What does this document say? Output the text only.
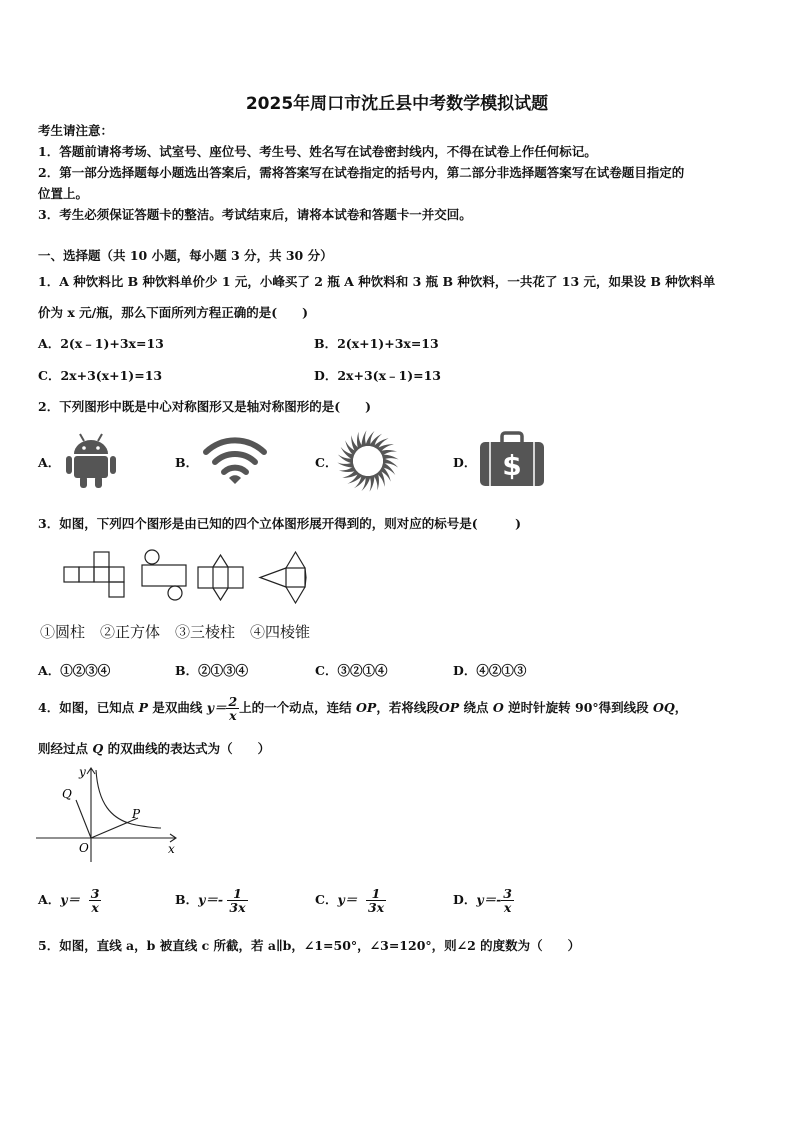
2025年周口市沈丘县中考数学模拟试题
考生请注意：
1．答题前请将考场、试室号、座位号、考生号、姓名写在试卷密封线内，不得在试卷上作任何标记。
2．第一部分选择题每小题选出答案后，需将答案写在试卷指定的括号内，第二部分非选择题答案写在试卷题目指定的
位置上。
3．考生必须保证答题卡的整洁。考试结束后，请将本试卷和答题卡一并交回。
一、选择题（共 10 小题，每小题 3 分，共 30 分）
1．A 种饮料比 B 种饮料单价少 1 元，小峰买了 2 瓶 A 种饮料和 3 瓶 B 种饮料，一共花了 13 元，如果设 B 种饮料单
价为 x 元/瓶，那么下面所列方程正确的是(　　)
A．2(x﹣1)+3x=13	B．2(x+1)+3x=13
C．2x+3(x+1)=13	D．2x+3(x﹣1)=13
2．下列图形中既是中心对称图形又是轴对称图形的是(　　)
A．	B．	C．	D． $
3．如图，下列四个图形是由已知的四个立体图形展开得到的，则对应的标号是(　　　)
①圆柱　②正方体　③三棱柱　④四棱锥
A．①②③④	B．②①③④	C．③②①④	D．④②①③
4．如图，已知点 P 是双曲线 $y= \frac{2}{x}$ 上的一个动点，连结 OP，若将线段OP 绕点 O 逆时针旋转 90°得到线段 OQ，
则经过点 Q 的双曲线的表达式为（　　）
y
x
O
P
Q
A．$y= \frac{3}{x}$	B．$y=- \frac{1}{3x}$	C．$y= \frac{1}{3x}$	D．$y=- \frac{3}{x}$
5．如图，直线 a，b 被直线 c 所截，若 a∥b，∠1=50°，∠3=120°，则∠2 的度数为（　　）
